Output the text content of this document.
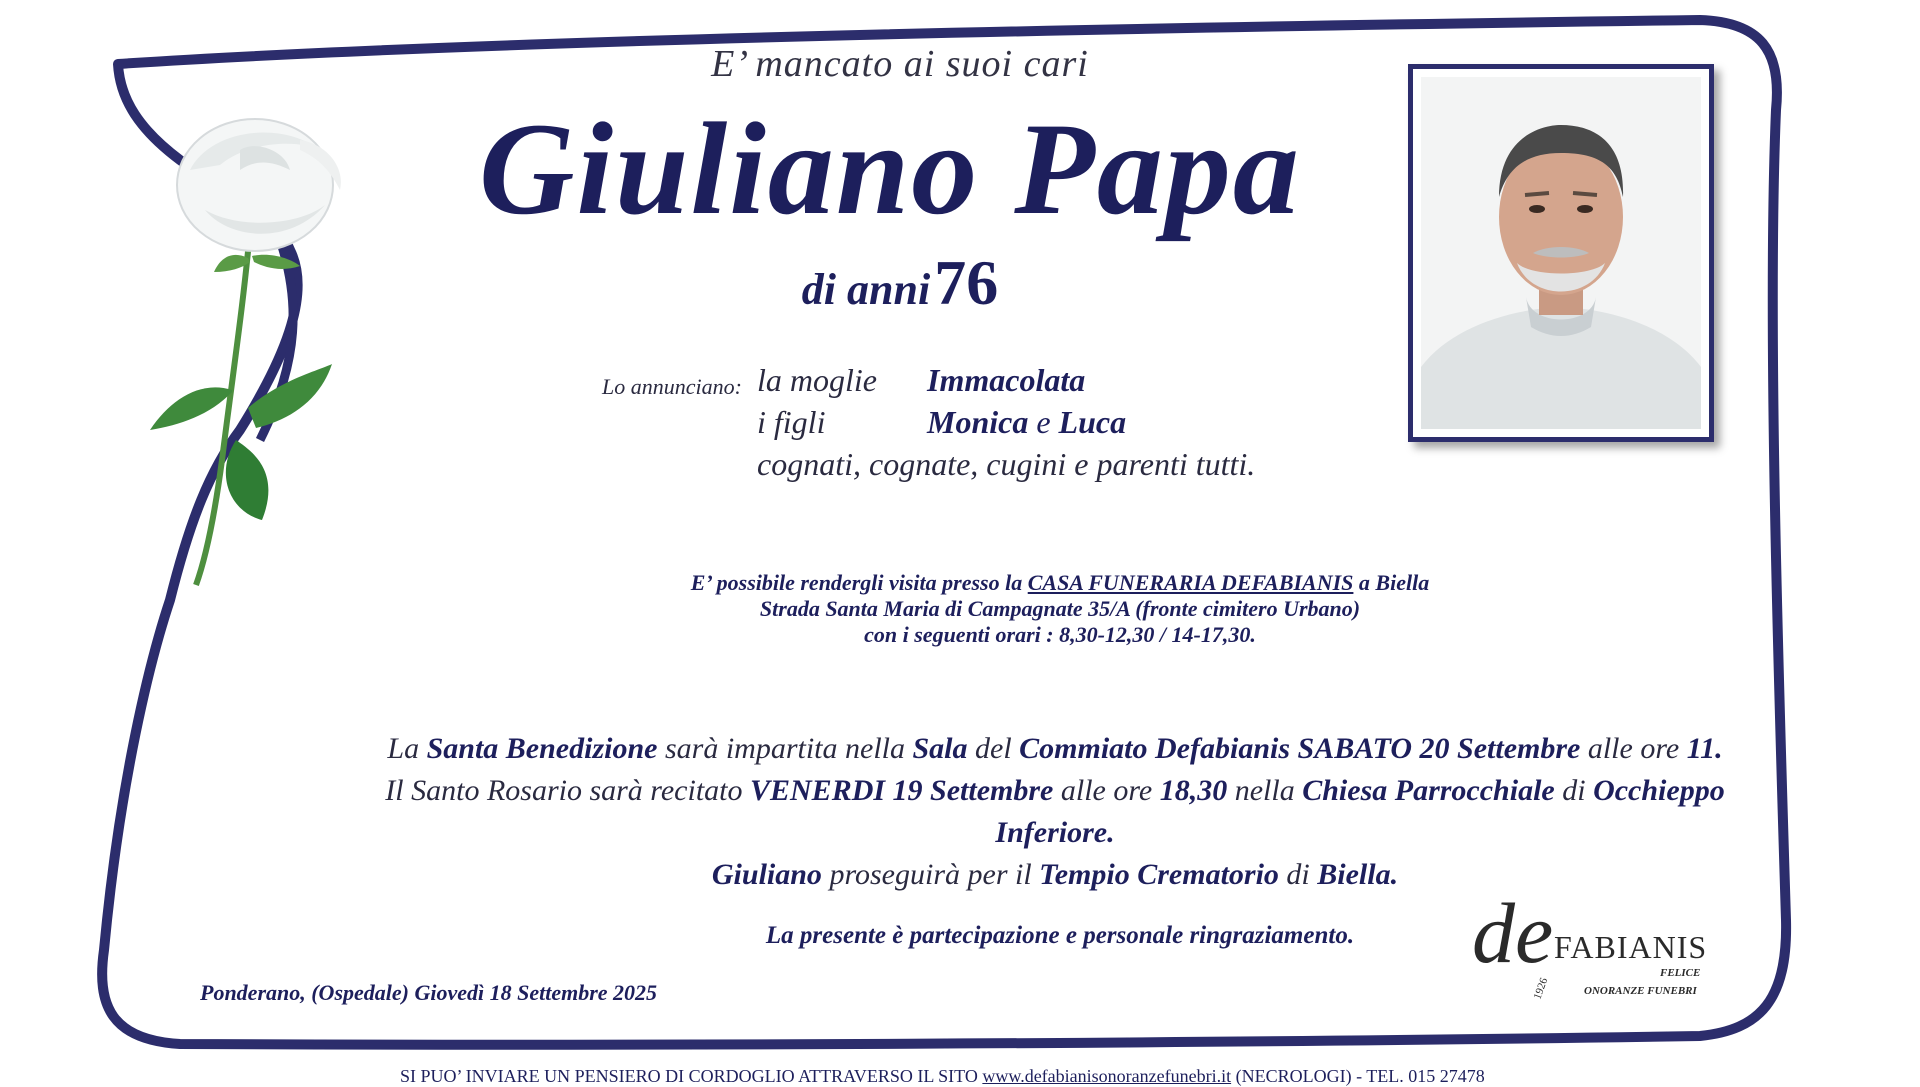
E’ mancato ai suoi cari
Giuliano Papa
di anni 76
Lo annunciano: la moglie Immacolata
i figli	Monica e Luca
cognati, cognate, cugini e parenti tutti.
E’ possibile rendergli visita presso la CASA FUNERARIA DEFABIANIS a Biella
Strada Santa Maria di Campagnate 35/A (fronte cimitero Urbano)
con i seguenti orari : 8,30-12,30 / 14-17,30.
La Santa Benedizione sarà impartita nella Sala del Commiato Defabianis SABATO 20 Settembre alle ore 11.
Il Santo Rosario sarà recitato VENERDI 19 Settembre alle ore 18,30 nella Chiesa Parrocchiale di Occhieppo Inferiore.
Giuliano proseguirà per il Tempio Crematorio di Biella.
La presente è partecipazione e personale ringraziamento.
Ponderano, (Ospedale) Giovedì 18 Settembre 2025
de FABIANIS
FELICE
ONORANZE FUNEBRI
1926
SI PUO’ INVIARE UN PENSIERO DI CORDOGLIO ATTRAVERSO IL SITO www.defabianisonoranzefunebri.it (NECROLOGI) - TEL. 015 27478
